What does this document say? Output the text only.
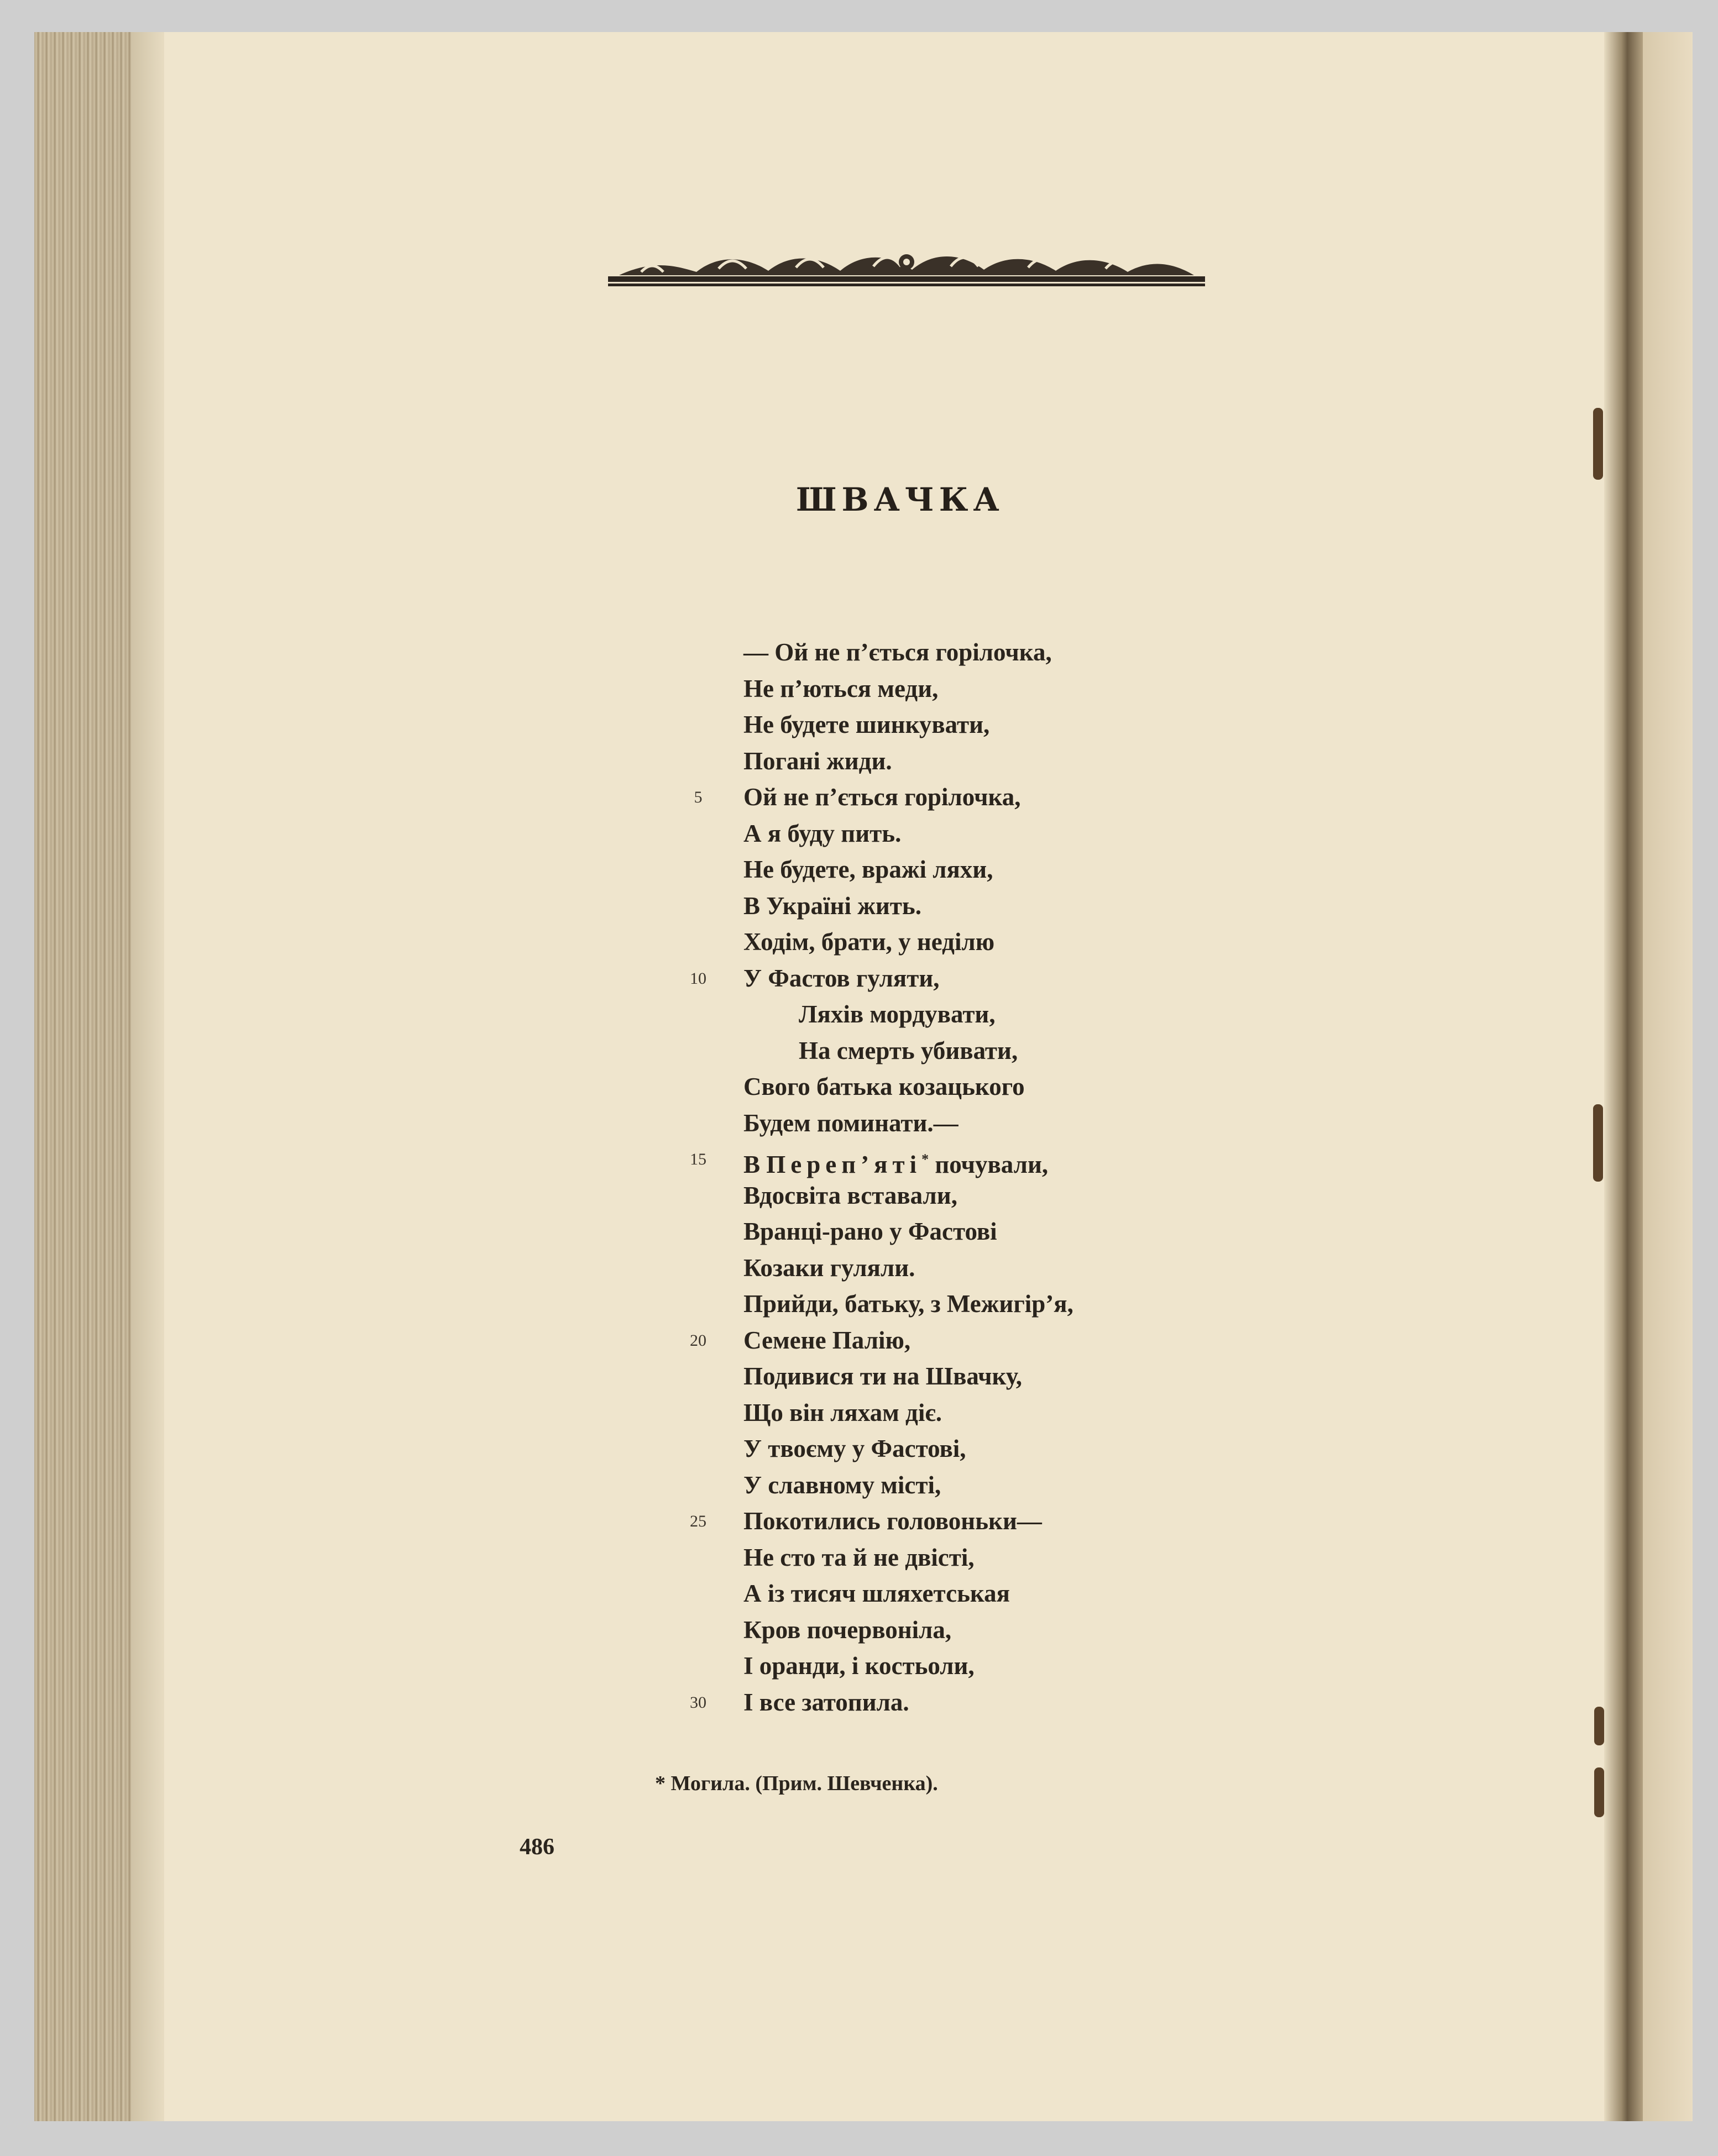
ШВАЧКА
— Ой не п’ється горілочка,
Не п’ються меди,
Не будете шинкувати,
Погані жиди.
5	Ой не п’ється горілочка,
А я буду пить.
Не будете, вражі ляхи,
В Україні жить.
Ходім, брати, у неділю
10	У Фастов гуляти,
Ляхів мордувати,
На смерть убивати,
Свого батька козацького
Будем поминати.—
15	В Переп’яті* почували,
Вдосвіта вставали,
Вранці-рано у Фастові
Козаки гуляли.
Прийди, батьку, з Межигір’я,
20	Семене Палію,
Подивися ти на Швачку,
Що він ляхам діє.
У твоєму у Фастові,
У славному місті,
25	Покотились головоньки—
Не сто та й не двісті,
А із тисяч шляхетськая
Кров почервоніла,
І оранди, і костьоли,
30	І все затопила.
* Могила. (Прим. Шевченка).
486
